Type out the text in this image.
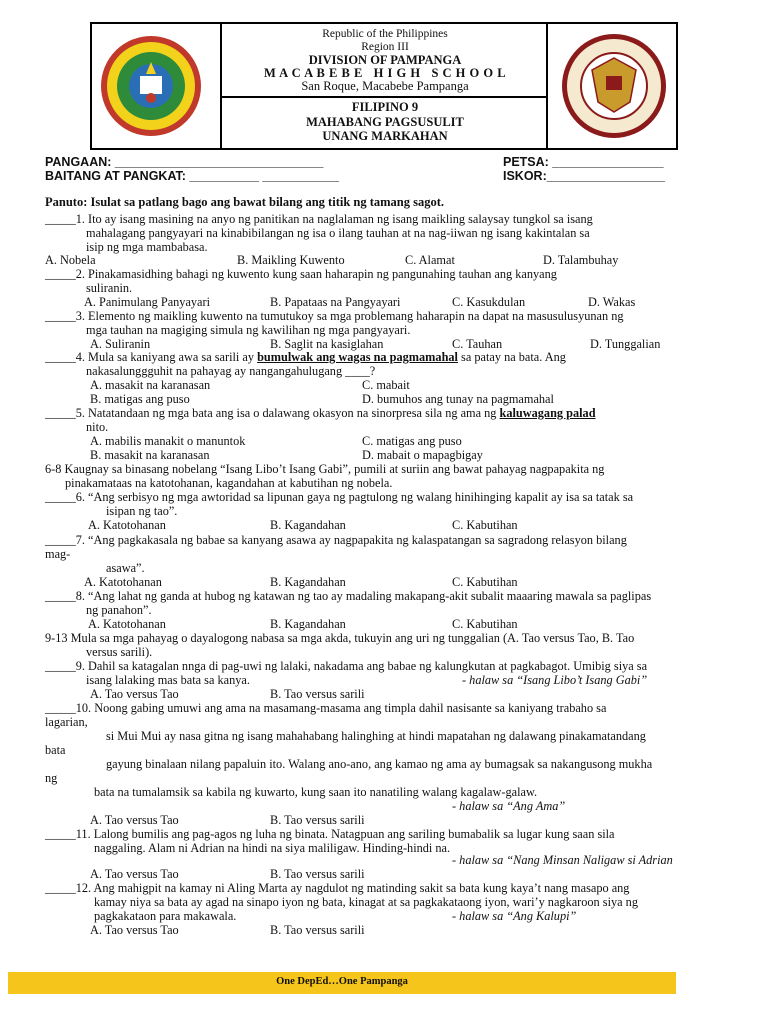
Republic of the Philippines
Region III
DIVISION OF PAMPANGA
M A C A B E B E   H I G H   S C H O O L
San Roque, Macabebe Pampanga
FILIPINO 9
MAHABANG PAGSUSULIT
UNANG MARKAHAN
PANGAAN: ______________________________
BAITANG AT PANGKAT: __________ ___________
PETSA: ________________
ISKOR:_________________
Panuto: Isulat sa patlang bago ang bawat bilang ang titik ng tamang sagot.
_____1. Ito ay isang masining na anyo ng panitikan na naglalaman ng isang maikling salaysay tungkol sa isang
mahalagang pangyayari na kinabibilangan ng isa o ilang tauhan at na nag-iiwan ng isang kakintalan sa
isip ng mga mambabasa.
A. Nobela	B. Maikling Kuwento	C. Alamat	D. Talambuhay
_____2. Pinakamasidhing bahagi ng kuwento kung saan haharapin ng pangunahing tauhan ang kanyang
suliranin.
A. Panimulang Panyayari	B. Papataas na Pangyayari	C. Kasukdulan	D. Wakas
_____3. Elemento ng maikling kuwento na tumutukoy sa mga problemang haharapin na dapat na masusulusyunan ng
mga tauhan na magiging simula ng kawilihan ng mga pangyayari.
A. Suliranin	B. Saglit na kasiglahan	C. Tauhan	D. Tunggalian
_____4. Mula sa kaniyang awa sa sarili ay bumulwak ang wagas na pagmamahal sa patay na bata. Ang
nakasalunggguhit na pahayag ay nangangahulugang ____?
A. masakit na karanasan	C. mabait
B. matigas ang puso	D. bumuhos ang tunay na pagmamahal
_____5. Natatandaan ng mga bata ang isa o dalawang okasyon na sinorpresa sila ng ama ng kaluwagang palad
nito.
A. mabilis manakit o manuntok	C. matigas ang puso
B. masakit na karanasan	D. mabait o mapagbigay
6-8 Kaugnay sa binasang nobelang “Isang Libo’t Isang Gabi”, pumili at suriin ang bawat pahayag nagpapakita ng
pinakamataas na katotohanan, kagandahan at kabutihan ng nobela.
_____6. “Ang serbisyo ng mga awtoridad sa lipunan gaya ng pagtulong ng walang hinihinging kapalit ay isa sa tatak sa
isipan ng tao”.
A. Katotohanan	B. Kagandahan	C. Kabutihan
_____7. “Ang pagkakasala ng babae sa kanyang asawa ay nagpapakita ng kalaspatangan sa sagradong relasyon bilang
mag-
asawa”.
A. Katotohanan	B. Kagandahan	C. Kabutihan
_____8. “Ang lahat ng ganda at hubog ng katawan ng tao ay madaling makapang-akit subalit maaaring mawala sa paglipas
ng panahon”.
A. Katotohanan	B. Kagandahan	C. Kabutihan
9-13 Mula sa mga pahayag o dayalogong nabasa sa mga akda, tukuyin ang uri ng tunggalian (A. Tao versus Tao, B. Tao
versus sarili).
_____9. Dahil sa katagalan nnga di pag-uwi ng lalaki, nakadama ang babae ng kalungkutan at pagkabagot. Umibig siya sa
isang lalaking mas bata sa kanya.	- halaw sa “Isang Libo’t Isang Gabi”
A. Tao versus Tao	B. Tao versus sarili
_____10. Noong gabing umuwi ang ama na masamang-masama ang timpla dahil nasisante sa kaniyang trabaho sa
lagarian,
si Mui Mui ay nasa gitna ng isang mahahabang halinghing at hindi mapatahan ng dalawang pinakamatandang
bata
gayung binalaan nilang papaluin ito. Walang ano-ano, ang kamao ng ama ay bumagsak sa nakangusong mukha
ng
bata na tumalamsik sa kabila ng kuwarto, kung saan ito nanatiling walang kagalaw-galaw.
- halaw sa “Ang Ama”
A. Tao versus Tao	B. Tao versus sarili
_____11. Lalong bumilis ang pag-agos ng luha ng binata. Natagpuan ang sariling bumabalik sa lugar kung saan sila
naggaling. Alam ni Adrian na hindi na siya maliligaw. Hinding-hindi na.
- halaw sa “Nang Minsan Naligaw si Adrian
A. Tao versus Tao	B. Tao versus sarili
_____12. Ang mahigpit na kamay ni Aling Marta ay nagdulot ng matinding sakit sa bata kung kaya’t nang masapo ang
kamay niya sa bata ay agad na sinapo iyon ng bata, kinagat at sa pagkakataong iyon, wari’y nagkaroon siya ng
pagkakataon para makawala.	- halaw sa “Ang Kalupi”
A. Tao versus Tao	B. Tao versus sarili
One DepEd…One Pampanga
